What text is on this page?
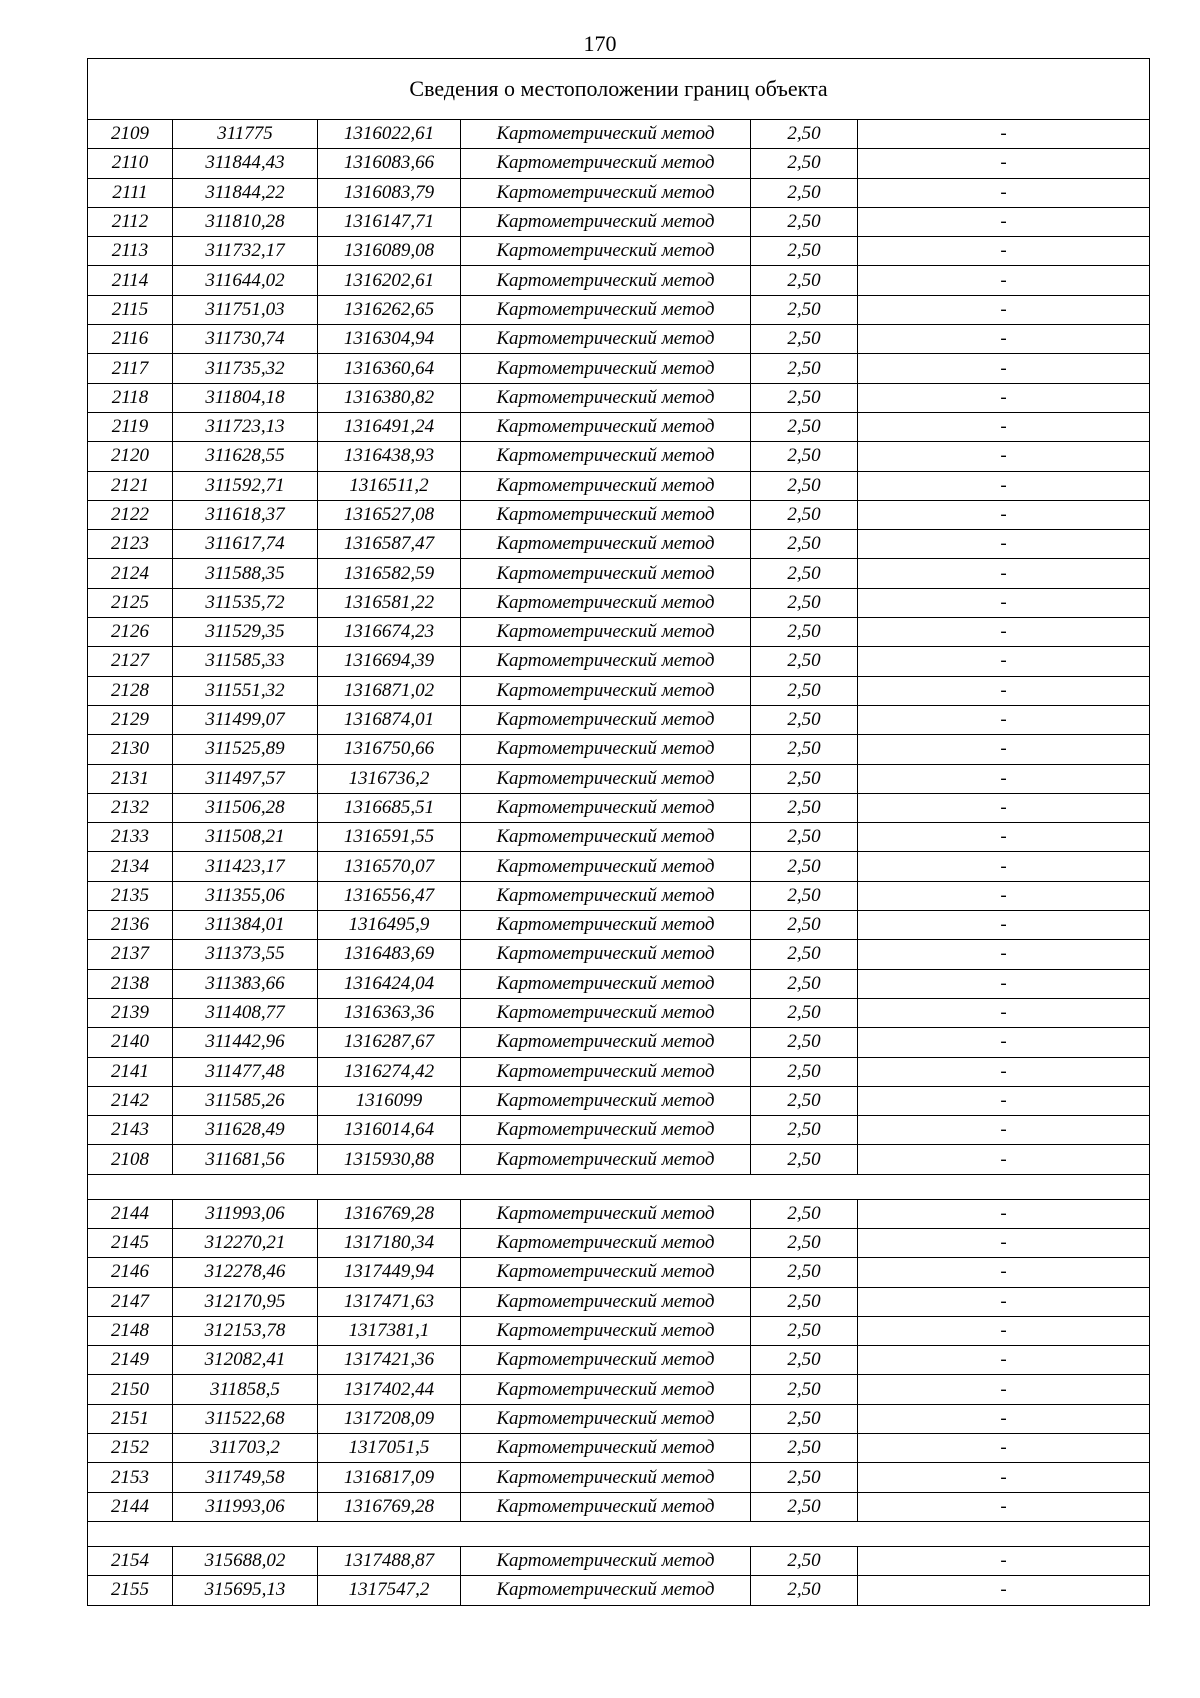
170
Сведения о местоположении границ объекта					
2109	311775	1316022,61	Картометрический метод	2,50	-
2110	311844,43	1316083,66	Картометрический метод	2,50	-
2111	311844,22	1316083,79	Картометрический метод	2,50	-
2112	311810,28	1316147,71	Картометрический метод	2,50	-
2113	311732,17	1316089,08	Картометрический метод	2,50	-
2114	311644,02	1316202,61	Картометрический метод	2,50	-
2115	311751,03	1316262,65	Картометрический метод	2,50	-
2116	311730,74	1316304,94	Картометрический метод	2,50	-
2117	311735,32	1316360,64	Картометрический метод	2,50	-
2118	311804,18	1316380,82	Картометрический метод	2,50	-
2119	311723,13	1316491,24	Картометрический метод	2,50	-
2120	311628,55	1316438,93	Картометрический метод	2,50	-
2121	311592,71	1316511,2	Картометрический метод	2,50	-
2122	311618,37	1316527,08	Картометрический метод	2,50	-
2123	311617,74	1316587,47	Картометрический метод	2,50	-
2124	311588,35	1316582,59	Картометрический метод	2,50	-
2125	311535,72	1316581,22	Картометрический метод	2,50	-
2126	311529,35	1316674,23	Картометрический метод	2,50	-
2127	311585,33	1316694,39	Картометрический метод	2,50	-
2128	311551,32	1316871,02	Картометрический метод	2,50	-
2129	311499,07	1316874,01	Картометрический метод	2,50	-
2130	311525,89	1316750,66	Картометрический метод	2,50	-
2131	311497,57	1316736,2	Картометрический метод	2,50	-
2132	311506,28	1316685,51	Картометрический метод	2,50	-
2133	311508,21	1316591,55	Картометрический метод	2,50	-
2134	311423,17	1316570,07	Картометрический метод	2,50	-
2135	311355,06	1316556,47	Картометрический метод	2,50	-
2136	311384,01	1316495,9	Картометрический метод	2,50	-
2137	311373,55	1316483,69	Картометрический метод	2,50	-
2138	311383,66	1316424,04	Картометрический метод	2,50	-
2139	311408,77	1316363,36	Картометрический метод	2,50	-
2140	311442,96	1316287,67	Картометрический метод	2,50	-
2141	311477,48	1316274,42	Картометрический метод	2,50	-
2142	311585,26	1316099	Картометрический метод	2,50	-
2143	311628,49	1316014,64	Картометрический метод	2,50	-
2108	311681,56	1315930,88	Картометрический метод	2,50	-

2144	311993,06	1316769,28	Картометрический метод	2,50	-
2145	312270,21	1317180,34	Картометрический метод	2,50	-
2146	312278,46	1317449,94	Картометрический метод	2,50	-
2147	312170,95	1317471,63	Картометрический метод	2,50	-
2148	312153,78	1317381,1	Картометрический метод	2,50	-
2149	312082,41	1317421,36	Картометрический метод	2,50	-
2150	311858,5	1317402,44	Картометрический метод	2,50	-
2151	311522,68	1317208,09	Картометрический метод	2,50	-
2152	311703,2	1317051,5	Картометрический метод	2,50	-
2153	311749,58	1316817,09	Картометрический метод	2,50	-
2144	311993,06	1316769,28	Картометрический метод	2,50	-

2154	315688,02	1317488,87	Картометрический метод	2,50	-
2155	315695,13	1317547,2	Картометрический метод	2,50	-
